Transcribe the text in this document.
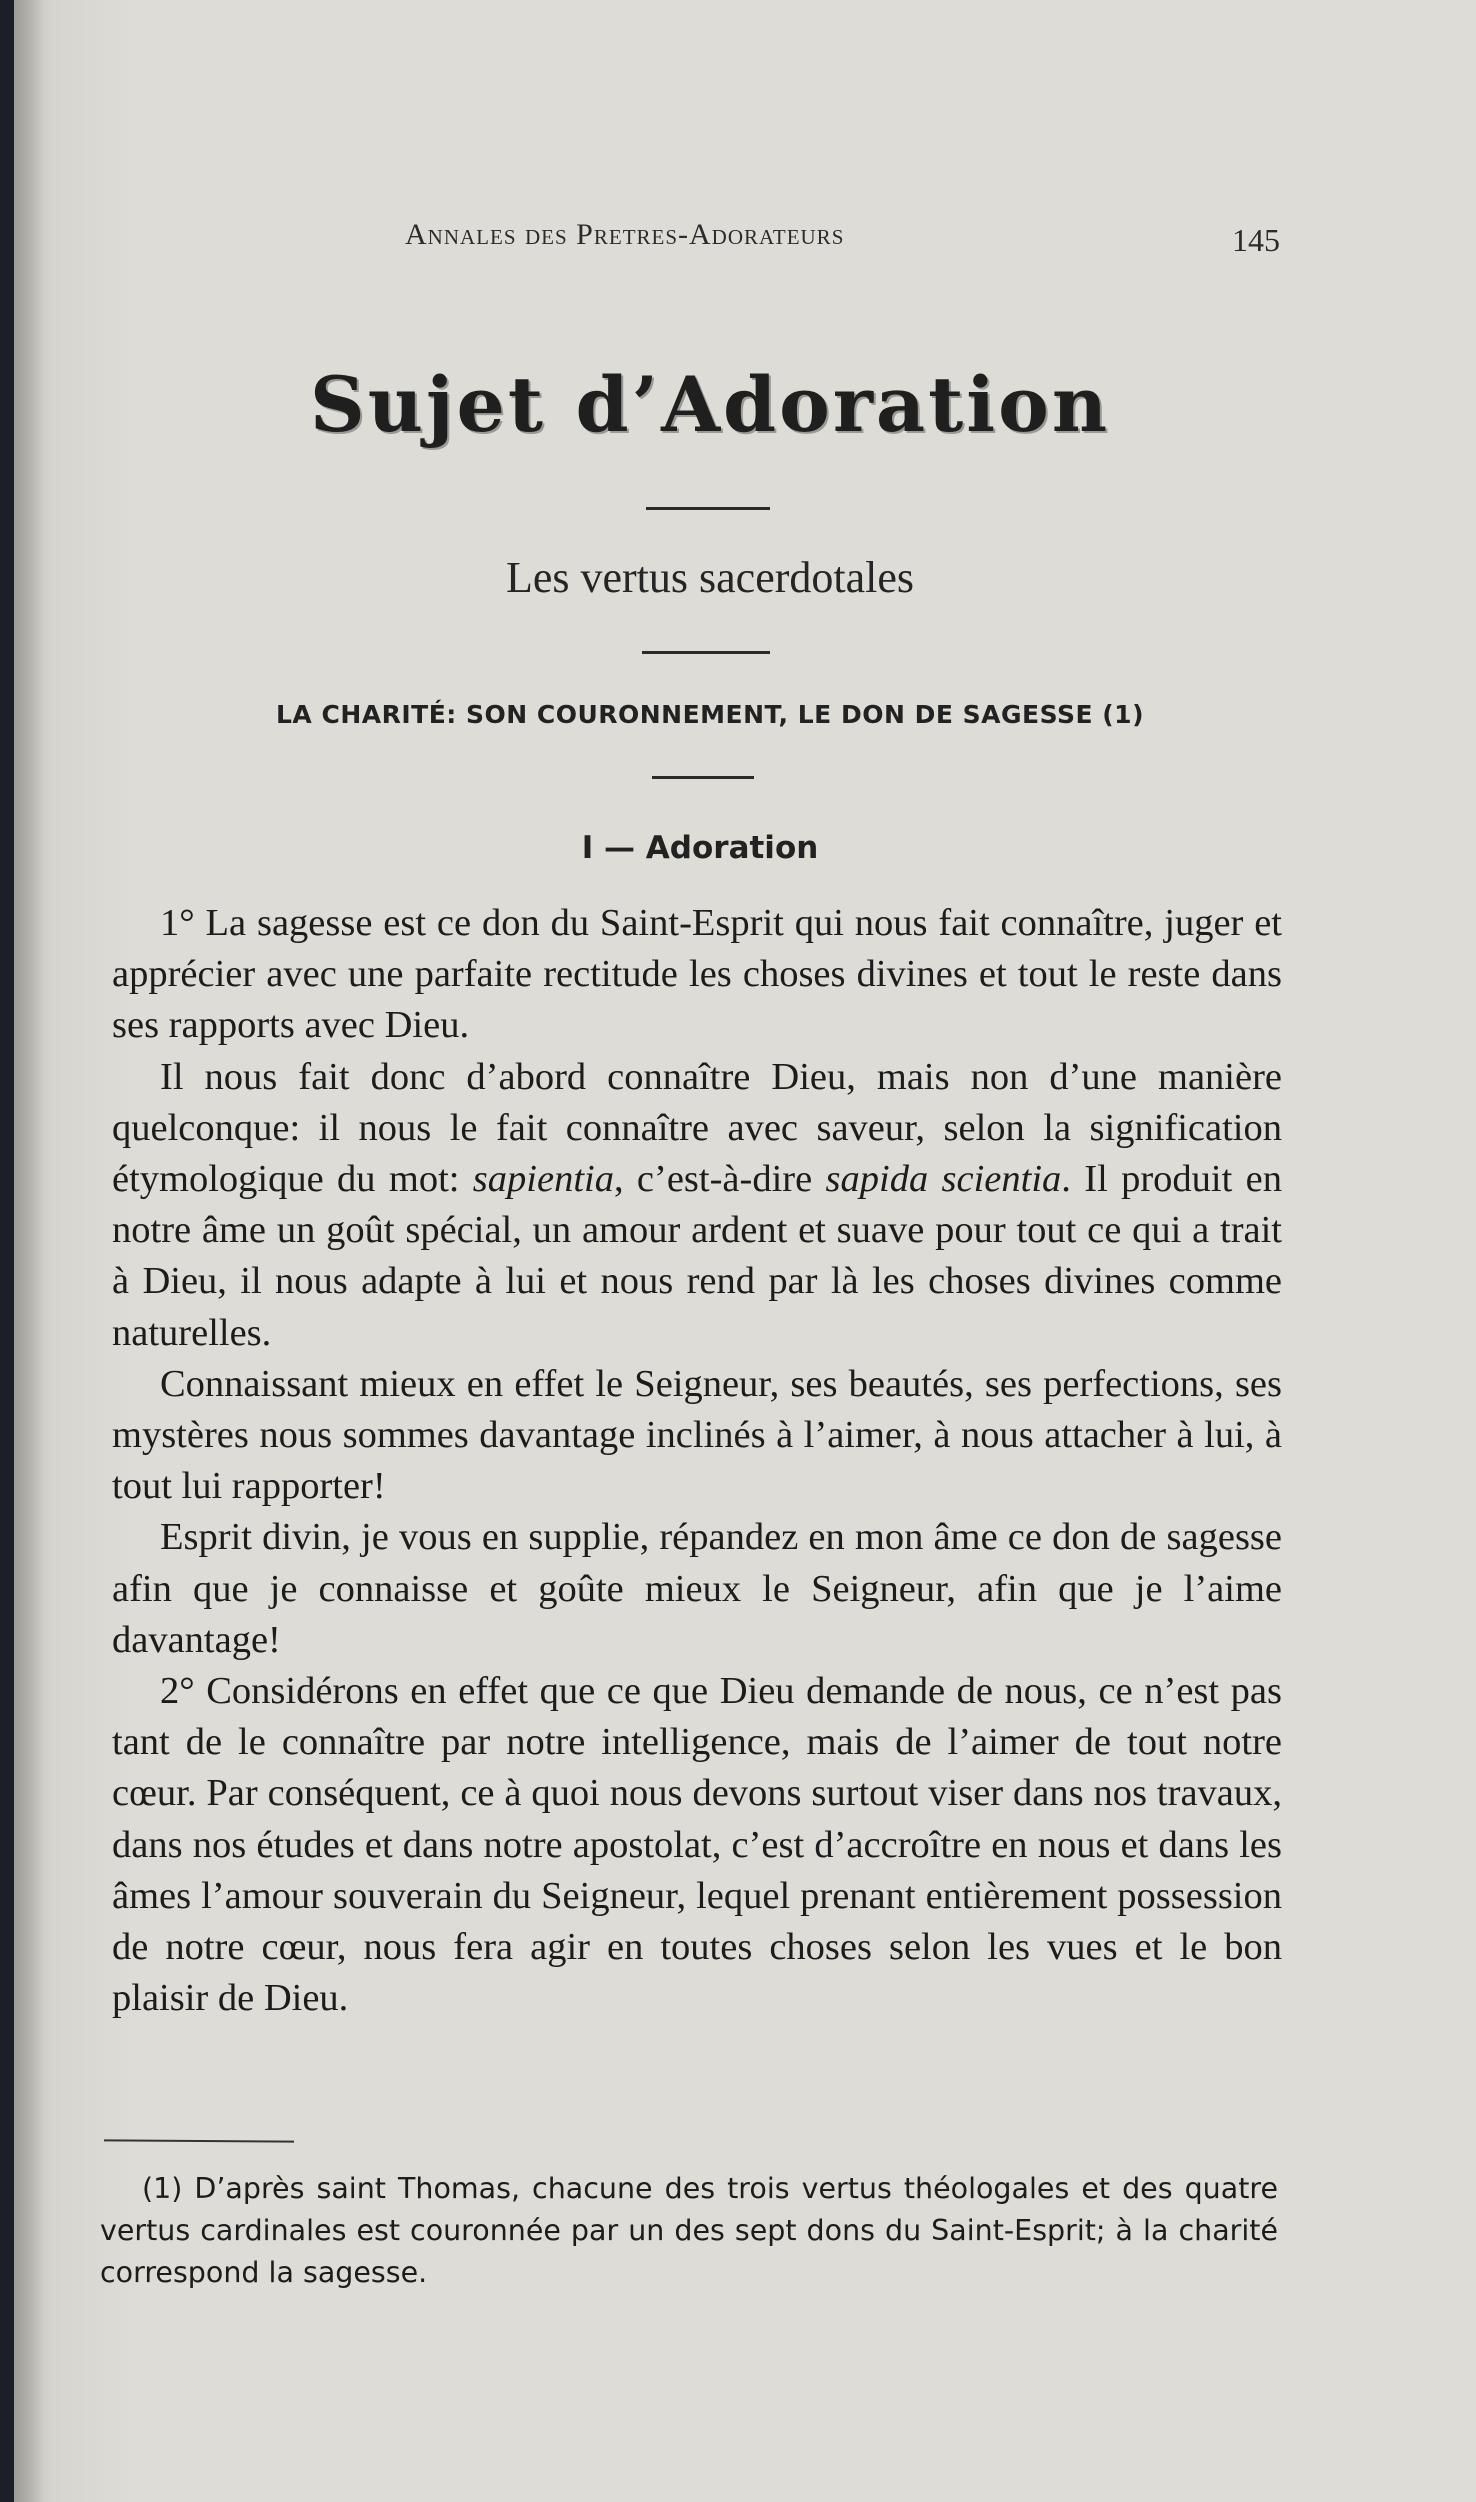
Annales des Pretres-Adorateurs	145
Sujet d’Adoration
Les vertus sacerdotales
LA CHARITÉ: SON COURONNEMENT, LE DON DE SAGESSE (1)
I — Adoration

1° La sagesse est ce don du Saint-Esprit qui nous fait connaître, juger et apprécier avec une parfaite rectitude les choses divines et tout le reste dans ses rapports avec Dieu.

Il nous fait donc d’abord connaître Dieu, mais non d’une manière quelconque: il nous le fait connaître avec saveur, selon la signification étymologique du mot: sapientia, c’est-à-dire sapida scientia. Il produit en notre âme un goût spécial, un amour ardent et suave pour tout ce qui a trait à Dieu, il nous adapte à lui et nous rend par là les choses divines comme naturelles.

Connaissant mieux en effet le Seigneur, ses beautés, ses perfections, ses mystères nous sommes davantage inclinés à l’aimer, à nous attacher à lui, à tout lui rapporter!

Esprit divin, je vous en supplie, répandez en mon âme ce don de sagesse afin que je connaisse et goûte mieux le Seigneur, afin que je l’aime davantage!

2° Considérons en effet que ce que Dieu demande de nous, ce n’est pas tant de le connaître par notre intelligence, mais de l’aimer de tout notre cœur. Par conséquent, ce à quoi nous devons surtout viser dans nos travaux, dans nos études et dans notre apostolat, c’est d’accroître en nous et dans les âmes l’amour souverain du Seigneur, lequel prenant entièrement possession de notre cœur, nous fera agir en toutes choses selon les vues et le bon plaisir de Dieu.

(1) D’après saint Thomas, chacune des trois vertus théologales et des quatre vertus cardinales est couronnée par un des sept dons du Saint-Esprit; à la charité correspond la sagesse.
